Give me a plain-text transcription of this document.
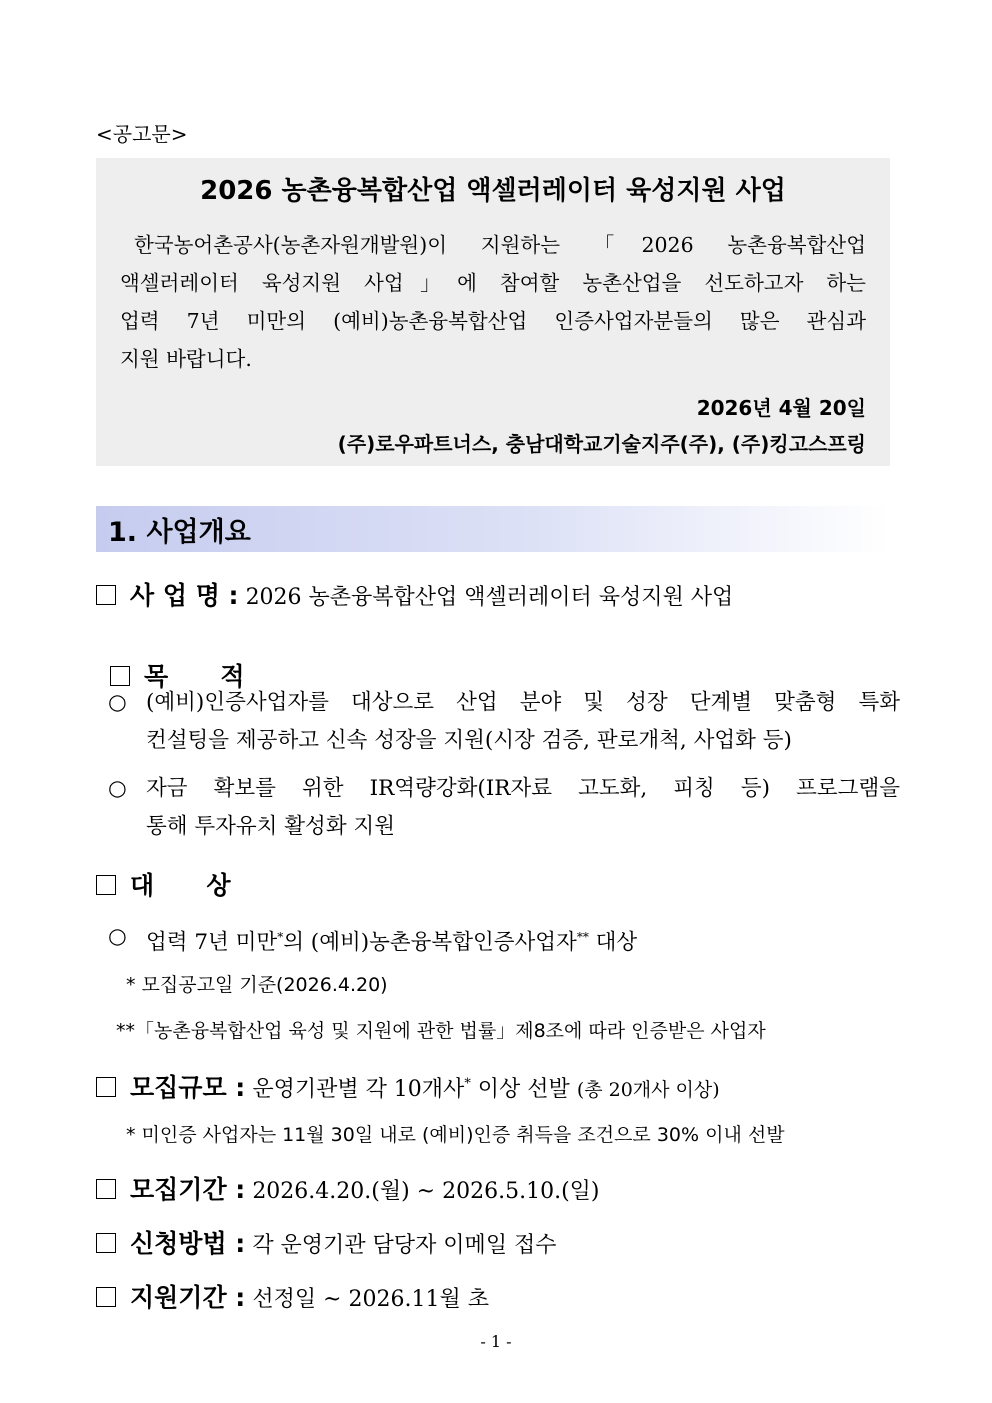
<공고문>
2026 농촌융복합산업 액셀러레이터 육성지원 사업
한국농어촌공사(농촌자원개발원)이 지원하는 「2026 농촌융복합산업
액셀러레이터 육성지원 사업」에 참여할 농촌산업을 선도하고자 하는
업력 7년 미만의 (예비)농촌융복합산업 인증사업자분들의 많은 관심과
지원 바랍니다.
2026년 4월 20일
(주)로우파트너스, 충남대학교기술지주(주), (주)킹고스프링
1. 사업개요
사 업 명 : 2026 농촌융복합산업 액셀러레이터 육성지원 사업

목      적

○ (예비)인증사업자를 대상으로 산업 분야 및 성장 단계별 맞춤형 특화
컨설팅을 제공하고 신속 성장을 지원(시장 검증, 판로개척, 사업화 등)
○ 자금 확보를 위한 IR역량강화(IR자료 고도화, 피칭 등) 프로그램을
통해 투자유치 활성화 지원
대      상
○ 업력 7년 미만*의 (예비)농촌융복합인증사업자** 대상
* 모집공고일 기준(2026.4.20)
**「농촌융복합산업 육성 및 지원에 관한 법률」제8조에 따라 인증받은 사업자
모집규모 : 운영기관별 각 10개사* 이상 선발 (총 20개사 이상)
* 미인증 사업자는 11월 30일 내로 (예비)인증 취득을 조건으로 30% 이내 선발
모집기간 : 2026.4.20.(월) ~ 2026.5.10.(일)
신청방법 : 각 운영기관 담당자 이메일 접수
지원기간 : 선정일 ~ 2026.11월 초
- 1 -
